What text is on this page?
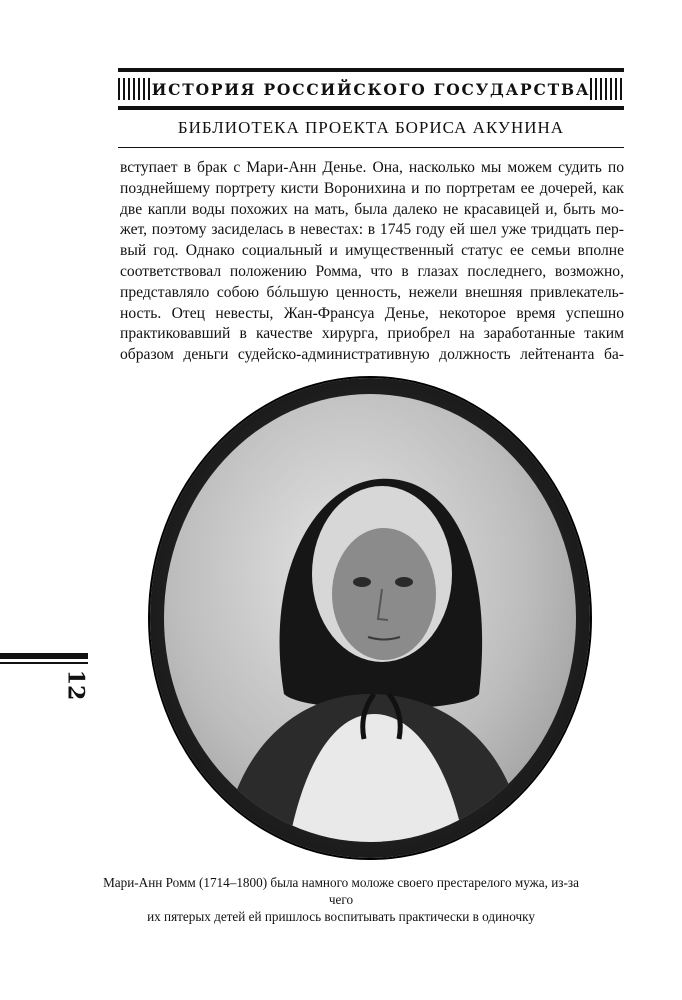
ИСТОРИЯ РОССИЙСКОГО ГОСУДАРСТВА
БИБЛИОТЕКА ПРОЕКТА БОРИСА АКУНИНА
вступает в брак с Мари-Анн Денье. Она, насколько мы можем судить по
позднейшему портрету кисти Воронихина и по портретам ее дочерей, как
две капли воды похожих на мать, была далеко не красавицей и, быть мо-
жет, поэтому засиделась в невестах: в 1745 году ей шел уже тридцать пер-
вый год. Однако социальный и имущественный статус ее семьи вполне
соответствовал положению Ромма, что в глазах последнего, возможно,
представляло собою бóльшую ценность, нежели внешняя привлекатель-
ность. Отец невесты, Жан-Франсуа Денье, некоторое время успешно
практиковавший в качестве хирурга, приобрел на заработанные таким
образом деньги судейско-административную должность лейтенанта ба-
12
Мари-Анн Ромм (1714–1800) была намного моложе своего престарелого мужа, из-за чего
их пятерых детей ей пришлось воспитывать практически в одиночку
